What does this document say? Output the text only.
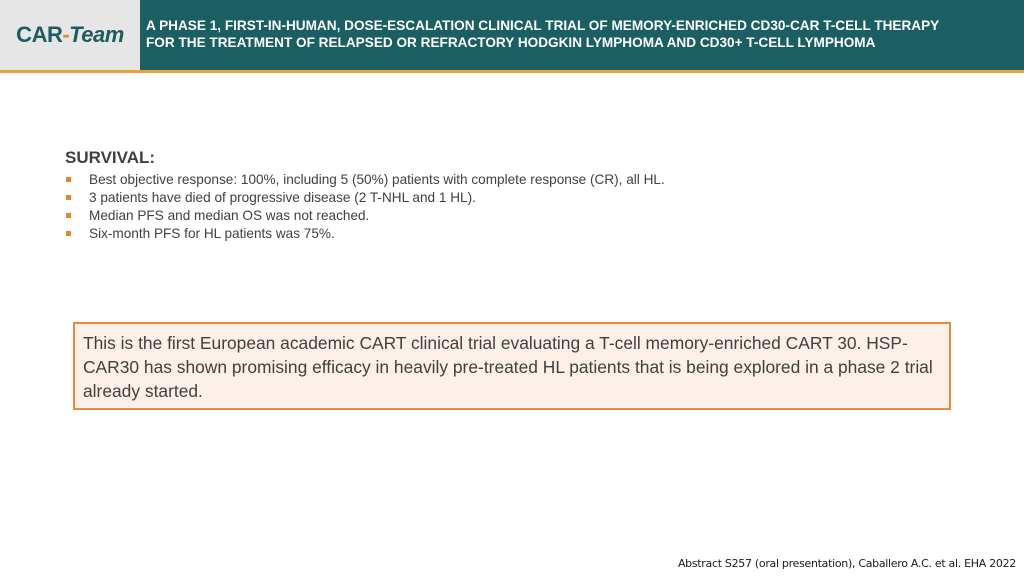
CAR-Team A PHASE 1, FIRST-IN-HUMAN, DOSE-ESCALATION CLINICAL TRIAL OF MEMORY-ENRICHED CD30-CAR T-CELL THERAPY
FOR THE TREATMENT OF RELAPSED OR REFRACTORY HODGKIN LYMPHOMA AND CD30+ T-CELL LYMPHOMA
SURVIVAL:
Best objective response: 100%, including 5 (50%) patients with complete response (CR), all HL.
3 patients have died of progressive disease (2 T-NHL and 1 HL).
Median PFS and median OS was not reached.
Six-month PFS for HL patients was 75%.
This is the first European academic CART clinical trial evaluating a T-cell memory-enriched CART 30. HSP-CAR30 has shown promising efficacy in heavily pre-treated HL patients that is being explored in a phase 2 trial already started.
Abstract S257 (oral presentation), Caballero A.C. et al. EHA 2022
